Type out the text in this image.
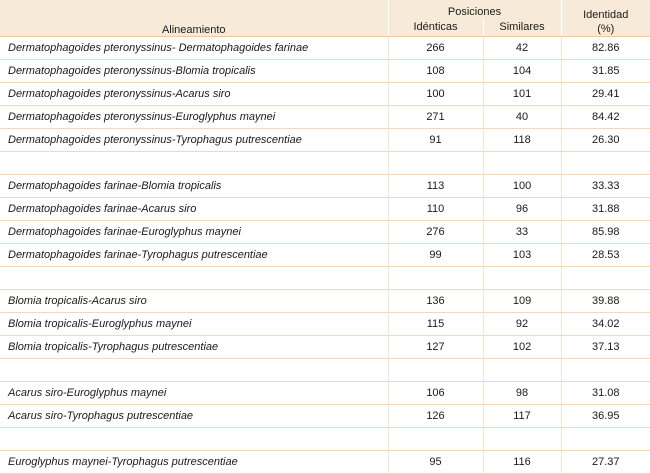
Alineamiento	Posiciones		Identidad
(%)
	Idénticas	Similares	
Dermatophagoides pteronyssinus- Dermatophagoides farinae	266	42	82.86
Dermatophagoides pteronyssinus-Blomia tropicalis	108	104	31.85
Dermatophagoides pteronyssinus-Acarus siro	100	101	29.41
Dermatophagoides pteronyssinus-Euroglyphus maynei	271	40	84.42
Dermatophagoides pteronyssinus-Tyrophagus putrescentiae	91	118	26.30

Dermatophagoides farinae-Blomia tropicalis	113	100	33.33
Dermatophagoides farinae-Acarus siro	110	96	31.88
Dermatophagoides farinae-Euroglyphus maynei	276	33	85.98
Dermatophagoides farinae-Tyrophagus putrescentiae	99	103	28.53

Blomia tropicalis-Acarus siro	136	109	39.88
Blomia tropicalis-Euroglyphus maynei	115	92	34.02
Blomia tropicalis-Tyrophagus putrescentiae	127	102	37.13

Acarus siro-Euroglyphus maynei	106	98	31.08
Acarus siro-Tyrophagus putrescentiae	126	117	36.95

Euroglyphus maynei-Tyrophagus putrescentiae	95	116	27.37
